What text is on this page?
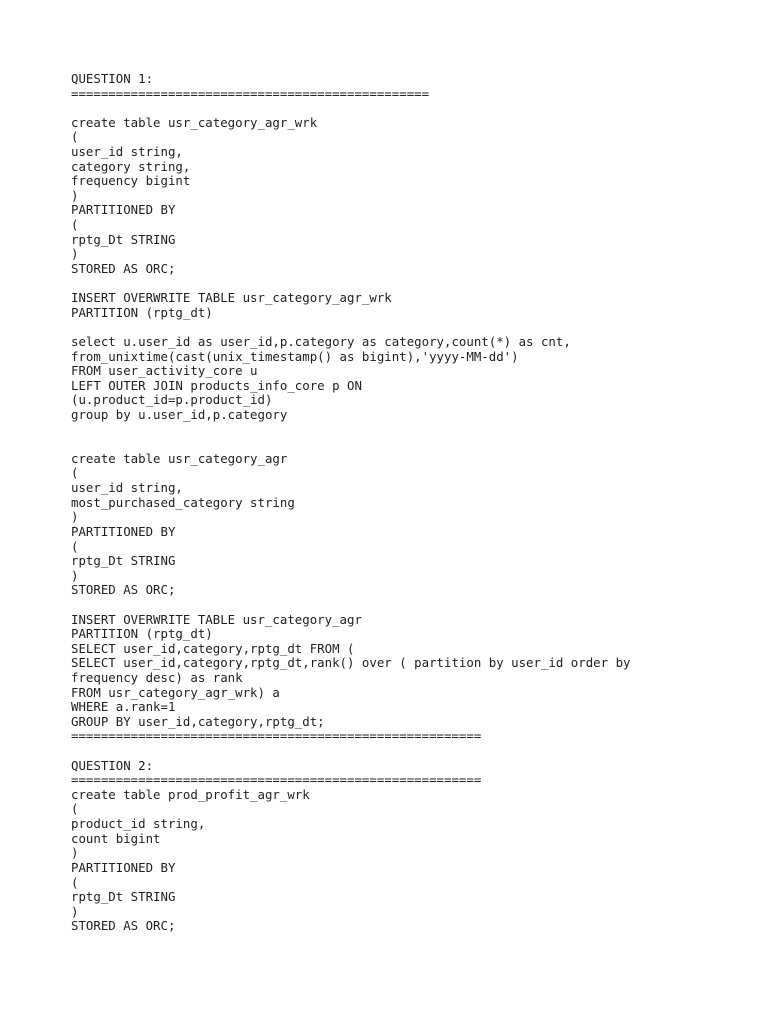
QUESTION 1:
================================================
create table usr_category_agr_wrk
(
user_id string,
category string,
frequency bigint
)
PARTITIONED BY
(
rptg_Dt STRING
)
STORED AS ORC;
INSERT OVERWRITE TABLE usr_category_agr_wrk
PARTITION (rptg_dt)
select u.user_id as user_id,p.category as category,count(*) as cnt,
from_unixtime(cast(unix_timestamp() as bigint),'yyyy-MM-dd')
FROM user_activity_core u
LEFT OUTER JOIN products_info_core p ON
(u.product_id=p.product_id)
group by u.user_id,p.category
create table usr_category_agr
(
user_id string,
most_purchased_category string
)
PARTITIONED BY
(
rptg_Dt STRING
)
STORED AS ORC;
INSERT OVERWRITE TABLE usr_category_agr
PARTITION (rptg_dt)
SELECT user_id,category,rptg_dt FROM (
SELECT user_id,category,rptg_dt,rank() over ( partition by user_id order by
frequency desc) as rank
FROM usr_category_agr_wrk) a
WHERE a.rank=1
GROUP BY user_id,category,rptg_dt;
=======================================================
QUESTION 2:
=======================================================
create table prod_profit_agr_wrk
(
product_id string,
count bigint
)
PARTITIONED BY
(
rptg_Dt STRING
)
STORED AS ORC;
